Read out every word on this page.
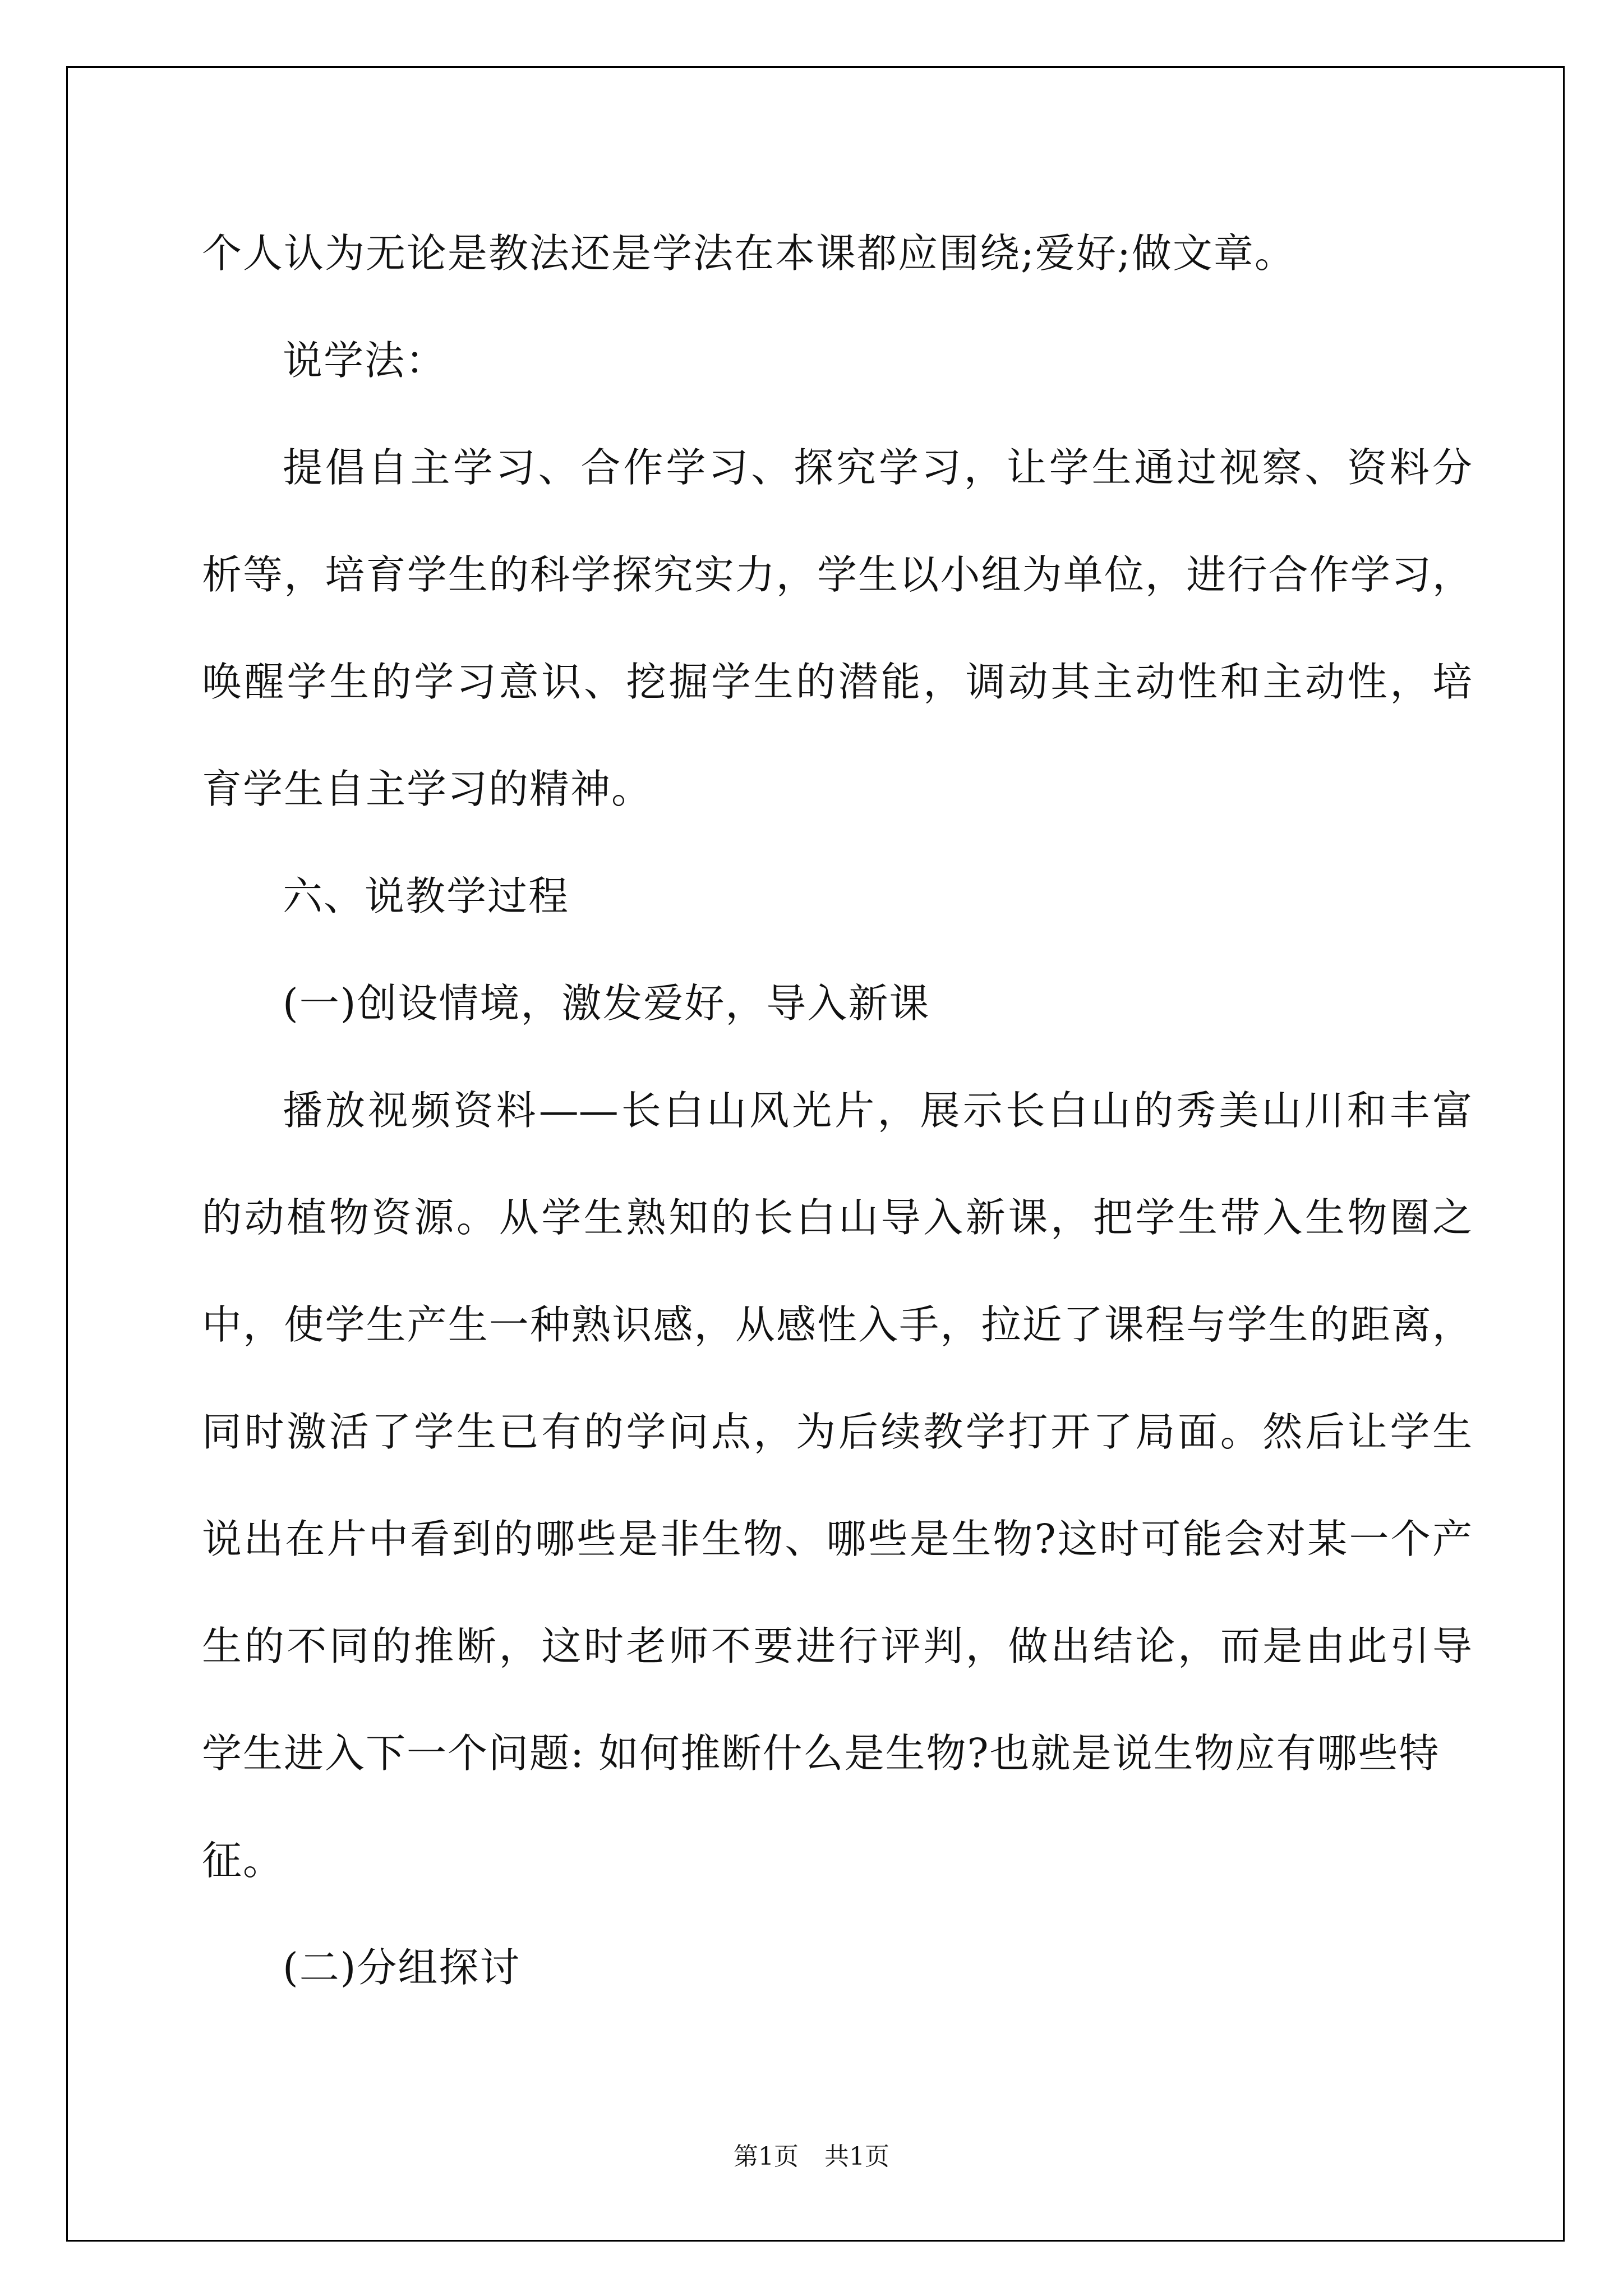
个人认为无论是教法还是学法在本课都应围绕;爱好;做文章。
说学法：
提倡自主学习、合作学习、探究学习，让学生通过视察、资料分
析等，培育学生的科学探究实力，学生以小组为单位，进行合作学习，
唤醒学生的学习意识、挖掘学生的潜能，调动其主动性和主动性，培
育学生自主学习的精神。
六、说教学过程
(一)创设情境，激发爱好，导入新课
播放视频资料——长白山风光片，展示长白山的秀美山川和丰富
的动植物资源。从学生熟知的长白山导入新课，把学生带入生物圈之
中，使学生产生一种熟识感，从感性入手，拉近了课程与学生的距离，
同时激活了学生已有的学问点，为后续教学打开了局面。然后让学生
说出在片中看到的哪些是非生物、哪些是生物?这时可能会对某一个产
生的不同的推断，这时老师不要进行评判，做出结论，而是由此引导
学生进入下一个问题: 如何推断什么是生物?也就是说生物应有哪些特
征。
(二)分组探讨
第1页 共1页
